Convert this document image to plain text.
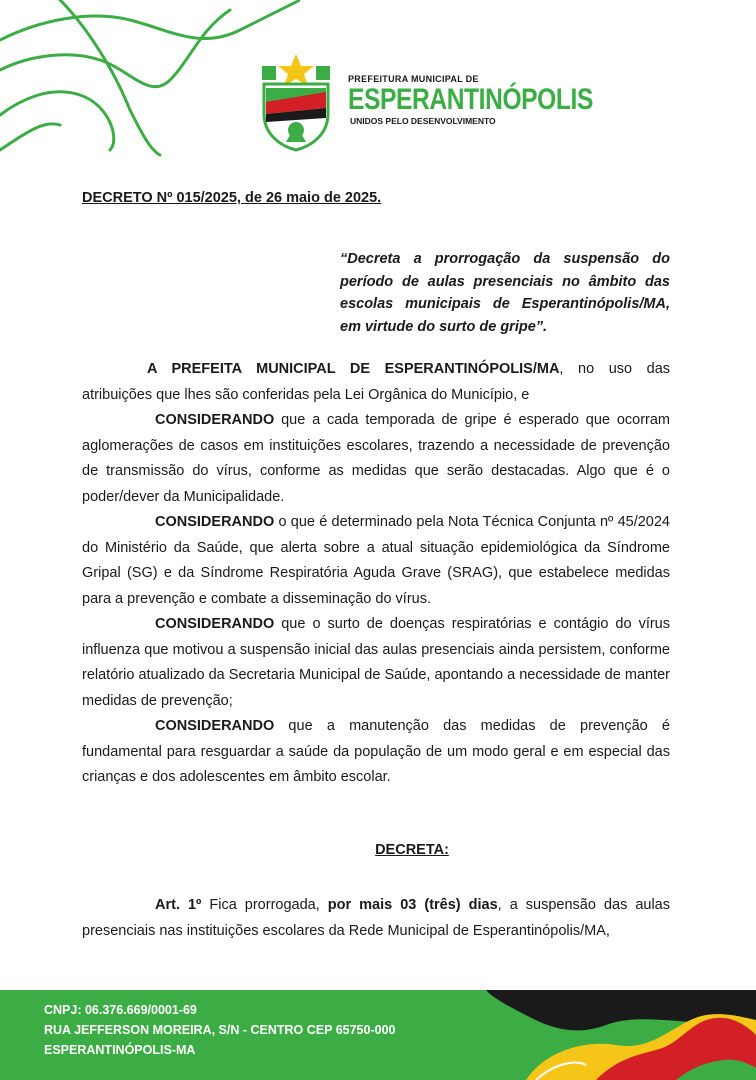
PREFEITURA MUNICIPAL DE
ESPERANTINÓPOLIS
UNIDOS PELO DESENVOLVIMENTO
DECRETO Nº 015/2025, de 26 maio de 2025.
“Decreta a prorrogação da suspensão do período de aulas presenciais no âmbito das escolas municipais de Esperantinópolis/MA, em virtude do surto de gripe”.

A PREFEITA MUNICIPAL DE ESPERANTINÓPOLIS/MA, no uso das atribuições que lhes são conferidas pela Lei Orgânica do Município, e

CONSIDERANDO que a cada temporada de gripe é esperado que ocorram aglomerações de casos em instituições escolares, trazendo a necessidade de prevenção de transmissão do vírus, conforme as medidas que serão destacadas. Algo que é o poder/dever da Municipalidade.

CONSIDERANDO o que é determinado pela Nota Técnica Conjunta nº 45/2024 do Ministério da Saúde, que alerta sobre a atual situação epidemiológica da Síndrome Gripal (SG) e da Síndrome Respiratória Aguda Grave (SRAG), que estabelece medidas para a prevenção e combate a disseminação do vírus.

CONSIDERANDO que o surto de doenças respiratórias e contágio do vírus influenza que motivou a suspensão inicial das aulas presenciais ainda persistem, conforme relatório atualizado da Secretaria Municipal de Saúde, apontando a necessidade de manter medidas de prevenção;

CONSIDERANDO que a manutenção das medidas de prevenção é fundamental para resguardar a saúde da população de um modo geral e em especial das crianças e dos adolescentes em âmbito escolar.

DECRETA:

Art. 1º Fica prorrogada, por mais 03 (três) dias, a suspensão das aulas presenciais nas instituições escolares da Rede Municipal de Esperantinópolis/MA,

CNPJ: 06.376.669/0001-69
RUA JEFFERSON MOREIRA, S/N - CENTRO CEP 65750-000
ESPERANTINÓPOLIS-MA
